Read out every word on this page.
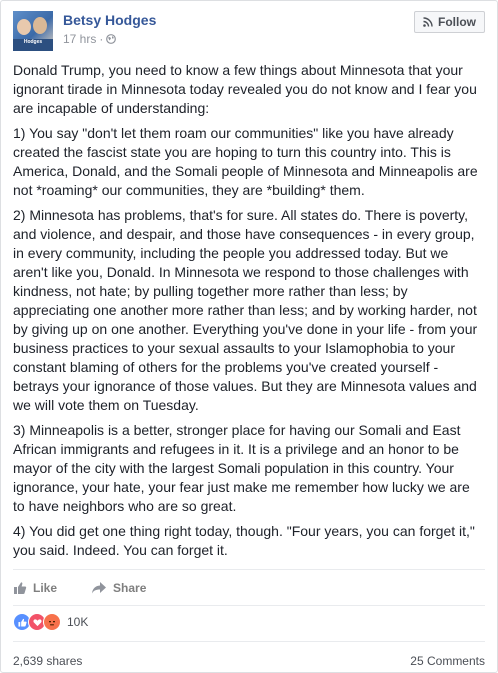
Hodges
Betsy Hodges
17 hrs ·
Follow

Donald Trump, you need to know a few things about Minnesota that your ignorant tirade in Minnesota today revealed you do not know and I fear you are incapable of understanding:

1) You say "don't let them roam our communities" like you have already created the fascist state you are hoping to turn this country into. This is America, Donald, and the Somali people of Minnesota and Minneapolis are not *roaming* our communities, they are *building* them.

2) Minnesota has problems, that's for sure. All states do. There is poverty, and violence, and despair, and those have consequences - in every group, in every community, including the people you addressed today. But we aren't like you, Donald. In Minnesota we respond to those challenges with kindness, not hate; by pulling together more rather than less; by appreciating one another more rather than less; and by working harder, not by giving up on one another. Everything you've done in your life - from your business practices to your sexual assaults to your Islamophobia to your constant blaming of others for the problems you've created yourself - betrays your ignorance of those values. But they are Minnesota values and we will vote them on Tuesday.

3) Minneapolis is a better, stronger place for having our Somali and East African immigrants and refugees in it. It is a privilege and an honor to be mayor of the city with the largest Somali population in this country. Your ignorance, your hate, your fear just make me remember how lucky we are to have neighbors who are so great.

4) You did get one thing right today, though. "Four years, you can forget it," you said. Indeed. You can forget it.

Like	Share
10K
2,639 shares	25 Comments
